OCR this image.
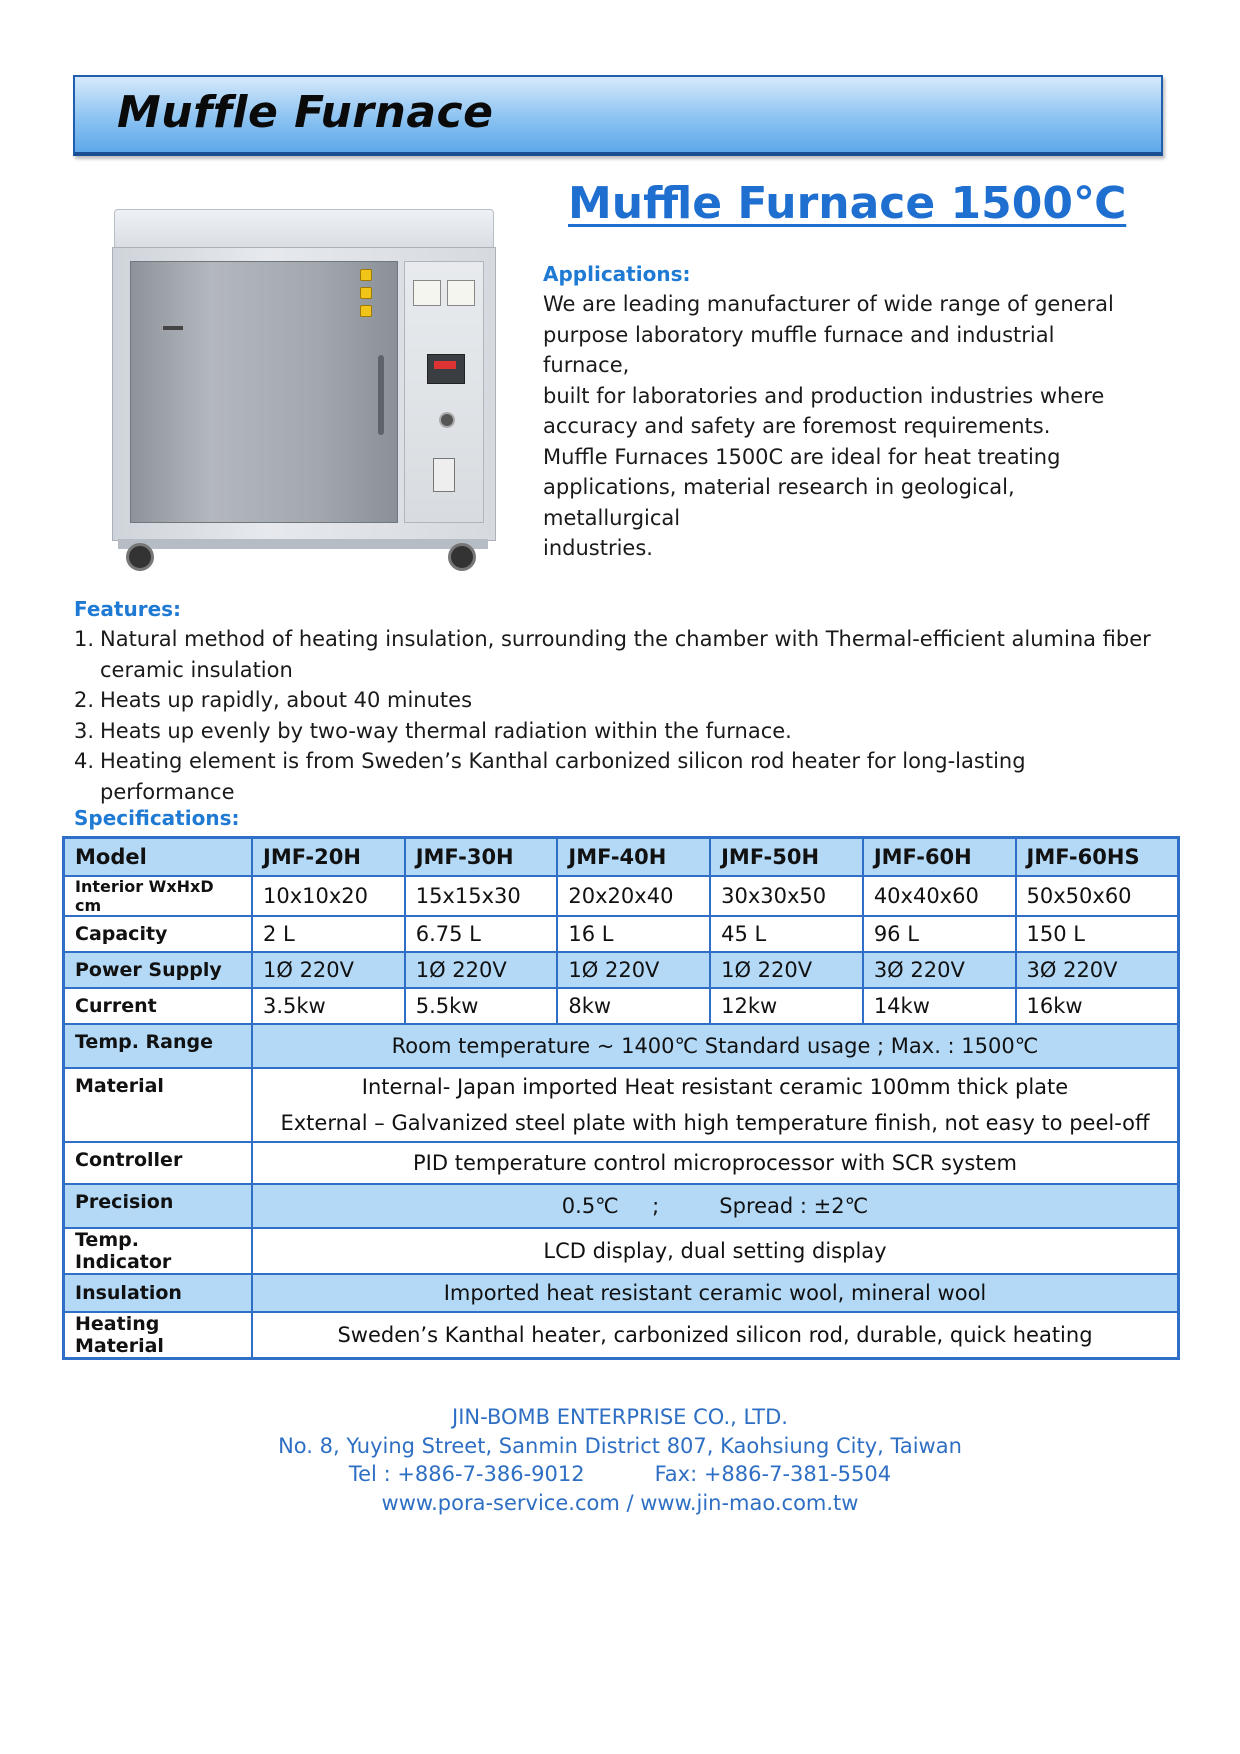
Muffle Furnace
Muffle Furnace 1500℃
Applications:
We are leading manufacturer of wide range of general
purpose laboratory muffle furnace and industrial furnace,
built for laboratories and production industries where
accuracy and safety are foremost requirements.
Muffle Furnaces 1500C are ideal for heat treating
applications, material research in geological, metallurgical
industries.
Features:
1. Natural method of heating insulation, surrounding the chamber with Thermal-efficient alumina fiber ceramic insulation
2. Heats up rapidly, about 40 minutes
3. Heats up evenly by two-way thermal radiation within the furnace.
4. Heating element is from Sweden’s Kanthal carbonized silicon rod heater for long-lasting performance
Specifications:
Model	JMF-20H	JMF-30H	JMF-40H	JMF-50H	JMF-60H	JMF-60HS
Interior WxHxD cm	10x10x20	15x15x30	20x20x40	30x30x50	40x40x60	50x50x60
Capacity	2 L	6.75 L	16 L	45 L	96 L	150 L
Power Supply	1Ø 220V	1Ø 220V	1Ø 220V	1Ø 220V	3Ø 220V	3Ø 220V
Current	3.5kw	5.5kw	8kw	12kw	14kw	16kw
Temp. Range	Room temperature ~ 1400℃ Standard usage ; Max. : 1500℃					

Material	Internal- Japan imported Heat resistant ceramic 100mm thick plate
External – Galvanized steel plate with high temperature finish, not easy to peel-off					

Controller	PID temperature control microprocessor with SCR system					

Precision	0.5℃     ;         Spread : ±2℃					

Temp. Indicator	LCD display, dual setting display					

Insulation	Imported heat resistant ceramic wool, mineral wool					

Heating Material	Sweden’s Kanthal heater, carbonized silicon rod, durable, quick heating					
JIN-BOMB ENTERPRISE CO., LTD.
No. 8, Yuying Street, Sanmin District 807, Kaohsiung City, Taiwan
Tel : +886-7-386-9012	Fax: +886-7-381-5504
www.pora-service.com / www.jin-mao.com.tw
